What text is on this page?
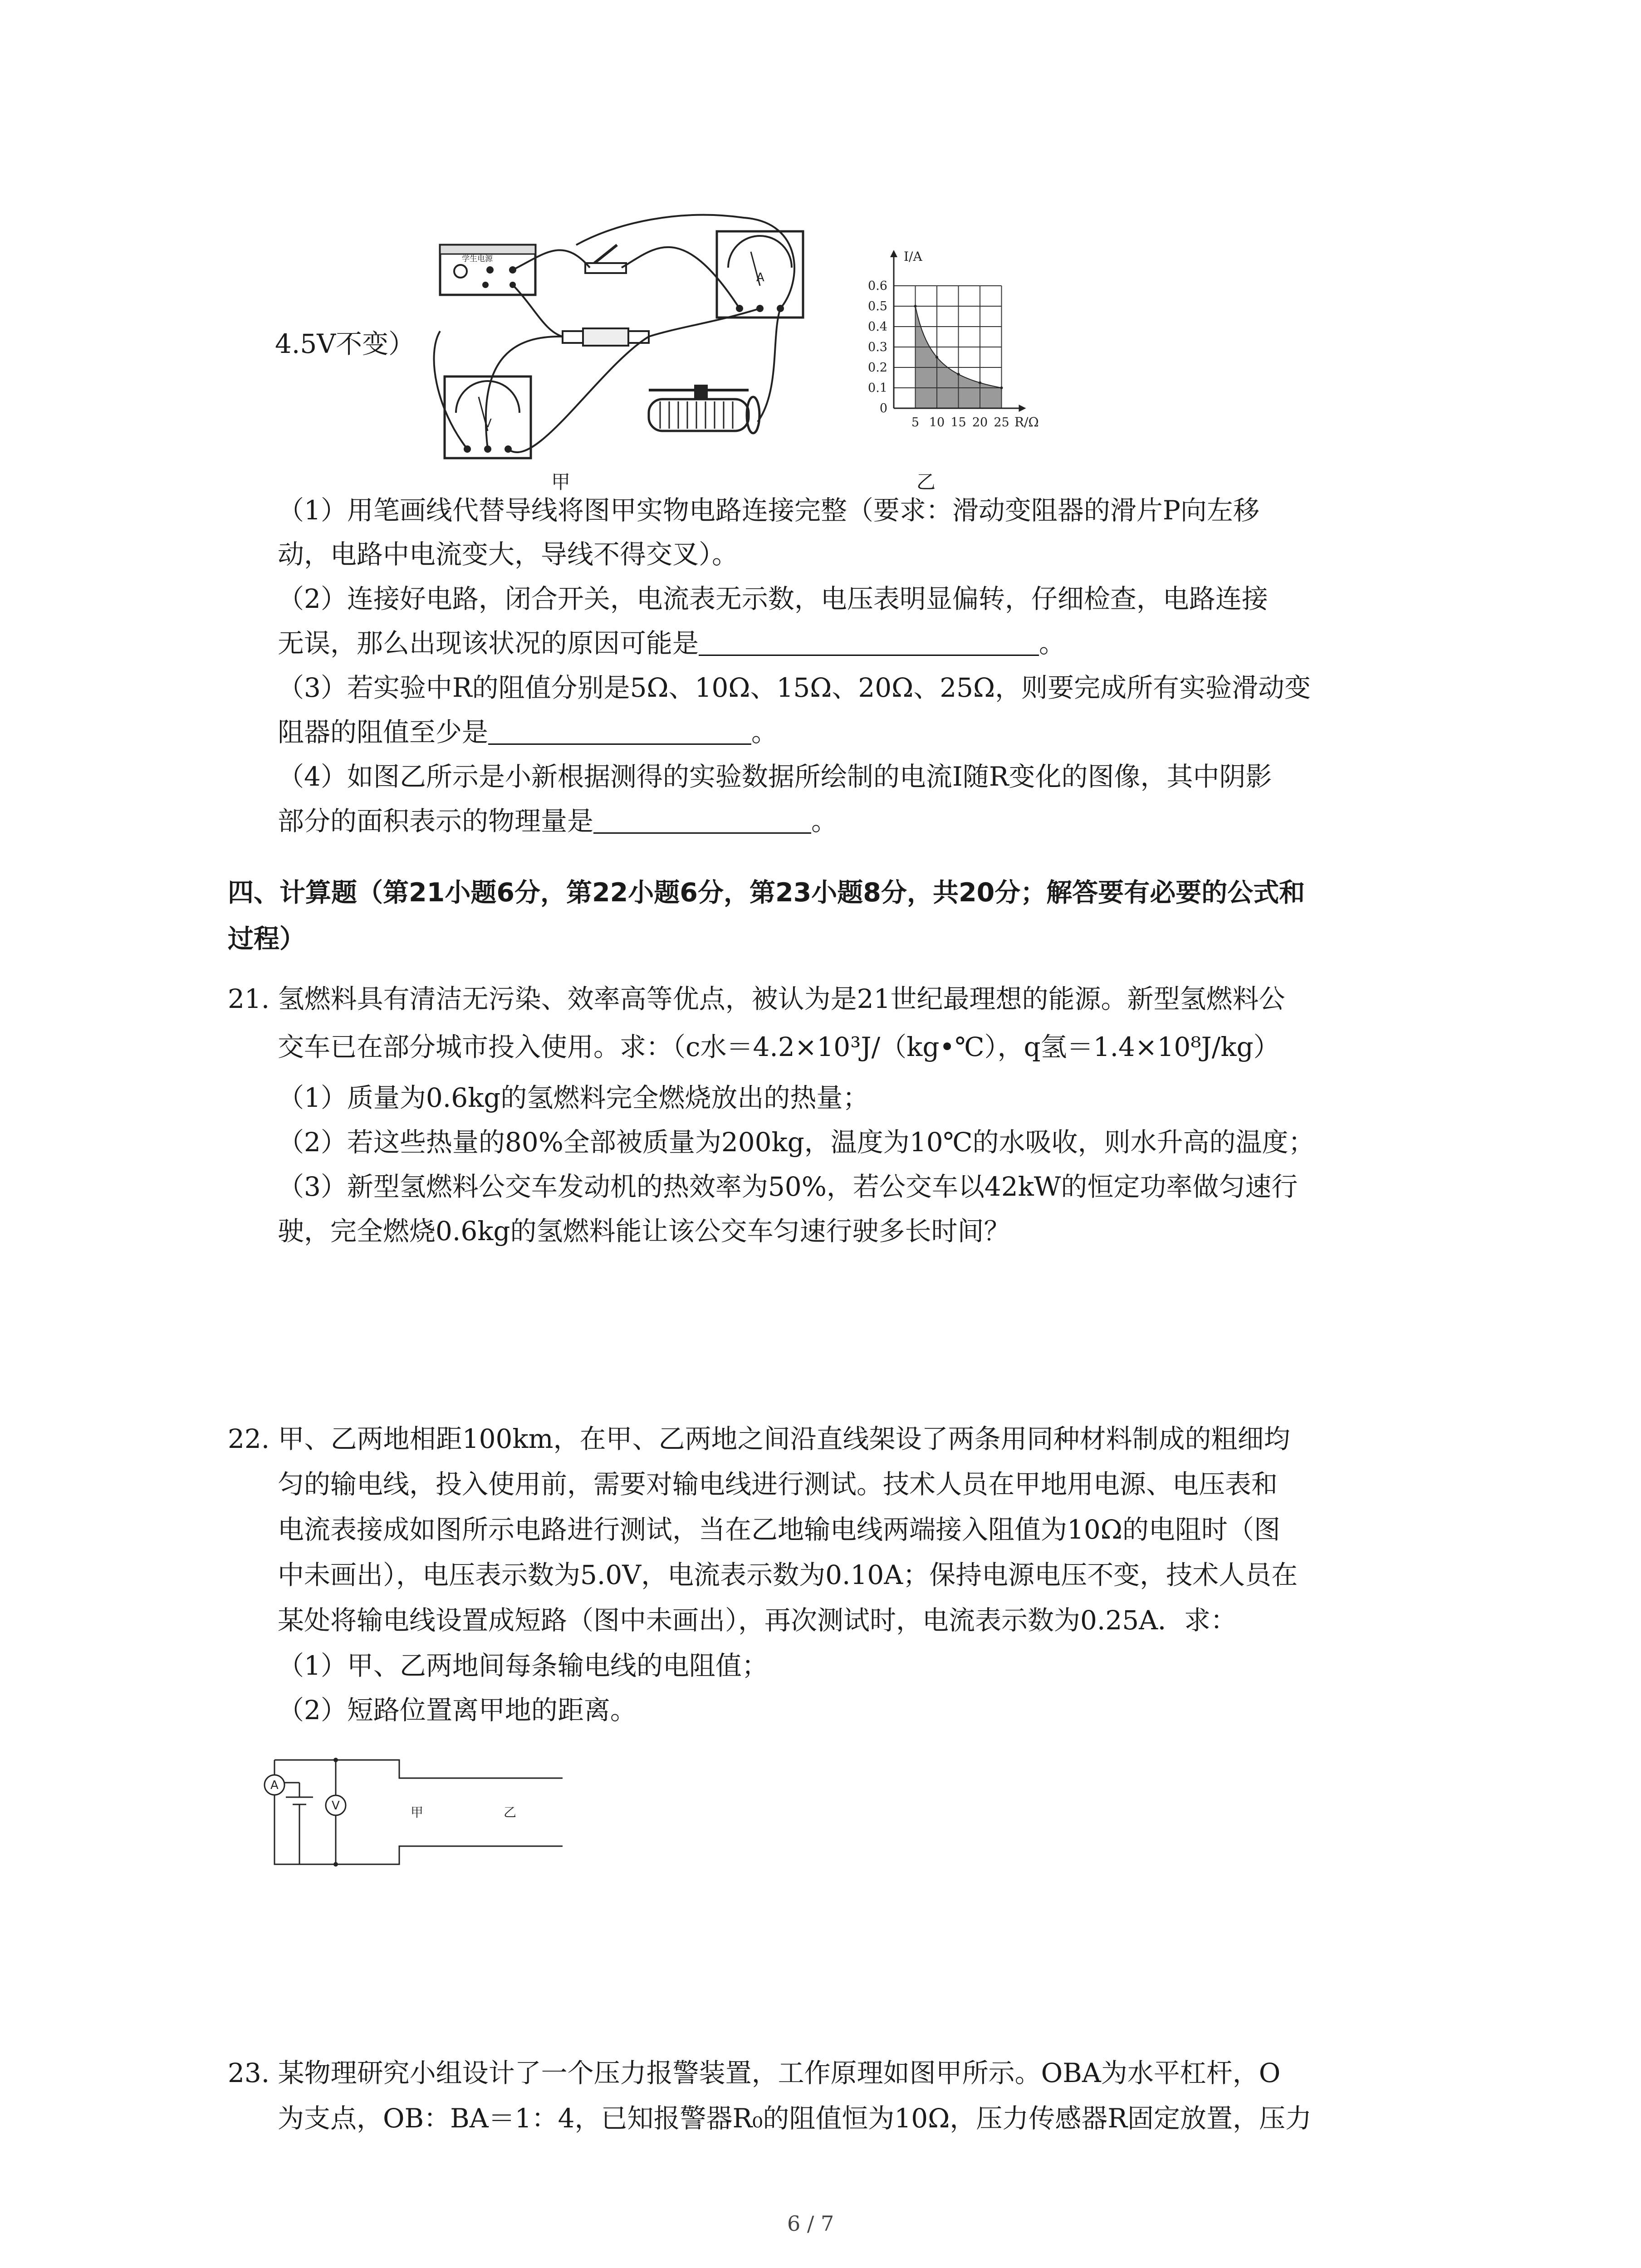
4.5V不变）
学生电源
A
V
0.6
0.5
0.4
0.3
0.2
0.1
0
5 10 15 20 25
I/A
R/Ω
甲	乙
（1）用笔画线代替导线将图甲实物电路连接完整（要求：滑动变阻器的滑片P向左移
动，电路中电流变大，导线不得交叉）。
（2）连接好电路，闭合开关，电流表无示数，电压表明显偏转，仔细检查，电路连接
无误，那么出现该状况的原因可能是	。
（3）若实验中R的阻值分别是5Ω、10Ω、15Ω、20Ω、25Ω，则要完成所有实验滑动变
阻器的阻值至少是	。
（4）如图乙所示是小新根据测得的实验数据所绘制的电流I随R变化的图像，其中阴影
部分的面积表示的物理量是	。
四、计算题（第21小题6分，第22小题6分，第23小题8分，共20分；解答要有必要的公式和
过程）
21. 氢燃料具有清洁无污染、效率高等优点，被认为是21世纪最理想的能源。新型氢燃料公
交车已在部分城市投入使用。求：（c水＝4.2×10³J/（kg•℃），q氢＝1.4×10⁸J/kg）
（1）质量为0.6kg的氢燃料完全燃烧放出的热量；
（2）若这些热量的80%全部被质量为200kg，温度为10℃的水吸收，则水升高的温度；
（3）新型氢燃料公交车发动机的热效率为50%，若公交车以42kW的恒定功率做匀速行
驶，完全燃烧0.6kg的氢燃料能让该公交车匀速行驶多长时间？
22. 甲、乙两地相距100km，在甲、乙两地之间沿直线架设了两条用同种材料制成的粗细均
匀的输电线，投入使用前，需要对输电线进行测试。技术人员在甲地用电源、电压表和
电流表接成如图所示电路进行测试，当在乙地输电线两端接入阻值为10Ω的电阻时（图
中未画出），电压表示数为5.0V，电流表示数为0.10A；保持电源电压不变，技术人员在
某处将输电线设置成短路（图中未画出），再次测试时，电流表示数为0.25A．求：
（1）甲、乙两地间每条输电线的电阻值；
（2）短路位置离甲地的距离。
A
V	甲	乙
23. 某物理研究小组设计了一个压力报警装置，工作原理如图甲所示。OBA为水平杠杆，O
为支点，OB：BA＝1：4，已知报警器R₀的阻值恒为10Ω，压力传感器R固定放置，压力
6 / 7
